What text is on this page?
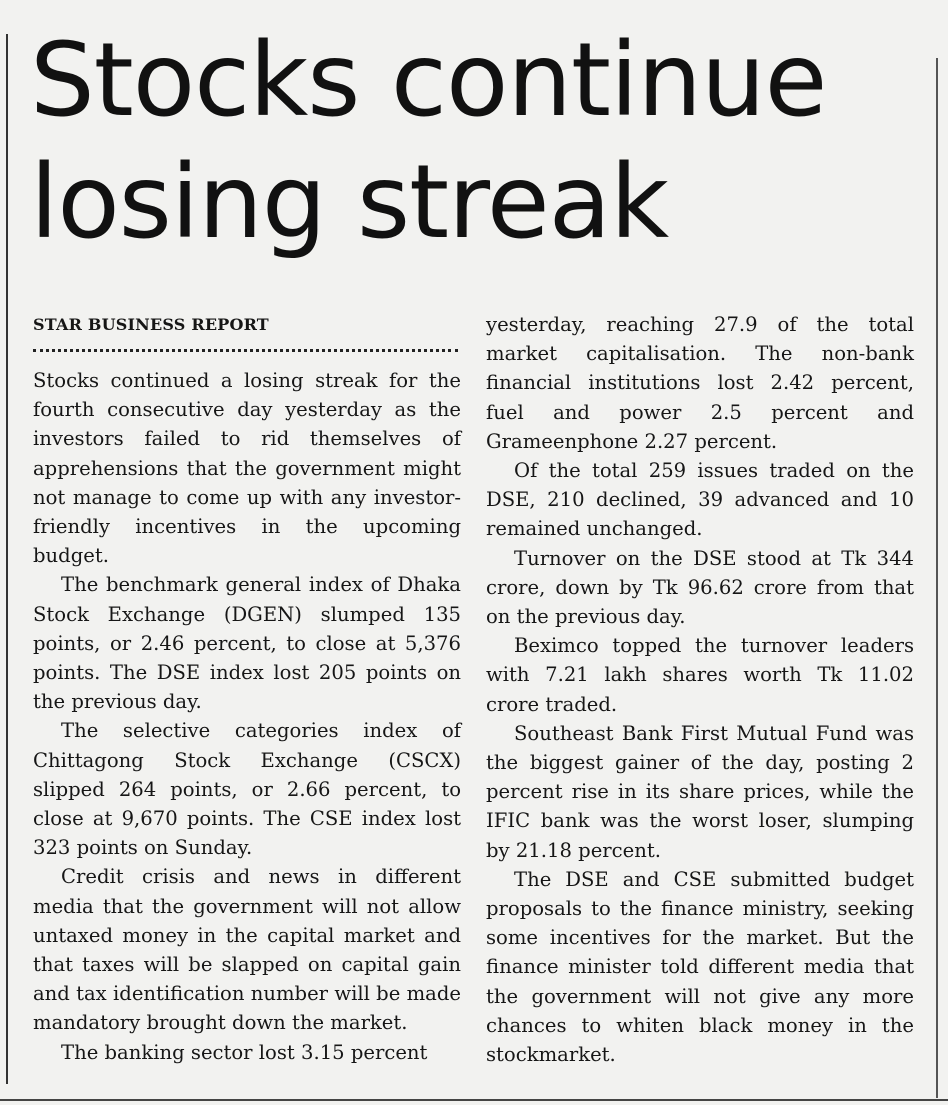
Stocks continue
losing streak
STAR BUSINESS REPORT

Stocks continued a losing streak for the fourth consecutive day yesterday as the investors failed to rid themselves of apprehensions that the government might not manage to come up with any investor-friendly incentives in the upcoming budget.

The benchmark general index of Dhaka Stock Exchange (DGEN) slumped 135 points, or 2.46 percent, to close at 5,376 points. The DSE index lost 205 points on the previous day.

The selective categories index of Chittagong Stock Exchange (CSCX) slipped 264 points, or 2.66 percent, to close at 9,670 points. The CSE index lost 323 points on Sunday.

Credit crisis and news in different media that the government will not allow untaxed money in the capital market and that taxes will be slapped on capital gain and tax identification number will be made mandatory brought down the market.

The banking sector lost 3.15 percent

yesterday, reaching 27.9 of the total market capitalisation. The non-bank financial institutions lost 2.42 percent, fuel and power 2.5 percent and Grameenphone 2.27 percent.

Of the total 259 issues traded on the DSE, 210 declined, 39 advanced and 10 remained unchanged.

Turnover on the DSE stood at Tk 344 crore, down by Tk 96.62 crore from that on the previous day.

Beximco topped the turnover leaders with 7.21 lakh shares worth Tk 11.02 crore traded.

Southeast Bank First Mutual Fund was the biggest gainer of the day, posting 2 percent rise in its share prices, while the IFIC bank was the worst loser, slumping by 21.18 percent.

The DSE and CSE submitted budget proposals to the finance ministry, seeking some incentives for the market. But the finance minister told different media that the government will not give any more chances to whiten black money in the stockmarket.
